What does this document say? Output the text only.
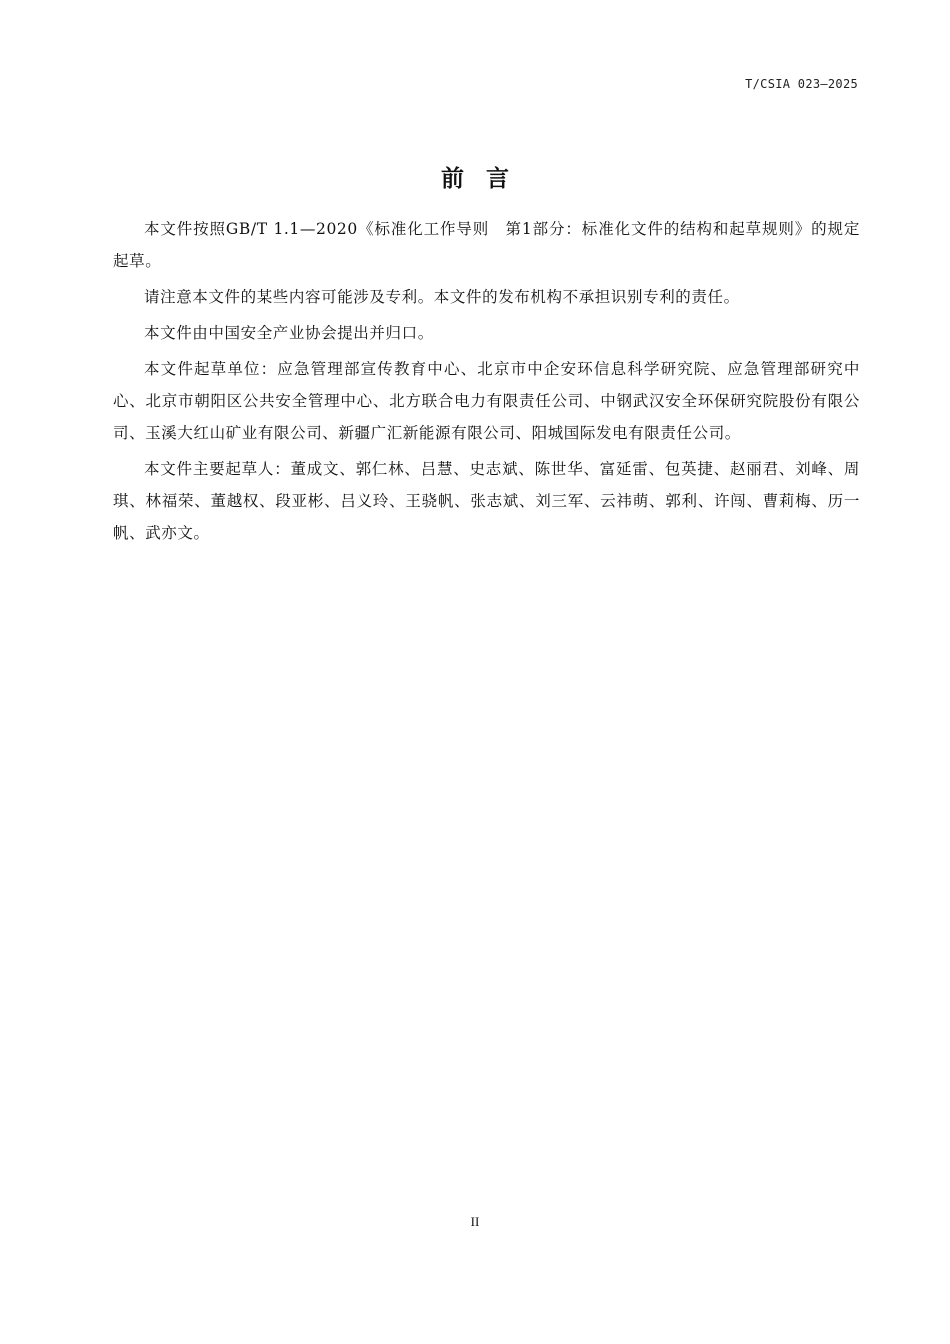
T/CSIA 023—2025
前言

本文件按照GB/T 1.1—2020《标准化工作导则　第1部分：标准化文件的结构和起草规则》的规定起草。

请注意本文件的某些内容可能涉及专利。本文件的发布机构不承担识别专利的责任。

本文件由中国安全产业协会提出并归口。

本文件起草单位：应急管理部宣传教育中心、北京市中企安环信息科学研究院、应急管理部研究中心、北京市朝阳区公共安全管理中心、北方联合电力有限责任公司、中钢武汉安全环保研究院股份有限公司、玉溪大红山矿业有限公司、新疆广汇新能源有限公司、阳城国际发电有限责任公司。

本文件主要起草人：董成文、郭仁林、吕慧、史志斌、陈世华、富延雷、包英捷、赵丽君、刘峰、周琪、林福荣、董越权、段亚彬、吕义玲、王骁帆、张志斌、刘三军、云祎萌、郭利、许闯、曹莉梅、历一帆、武亦文。

II
